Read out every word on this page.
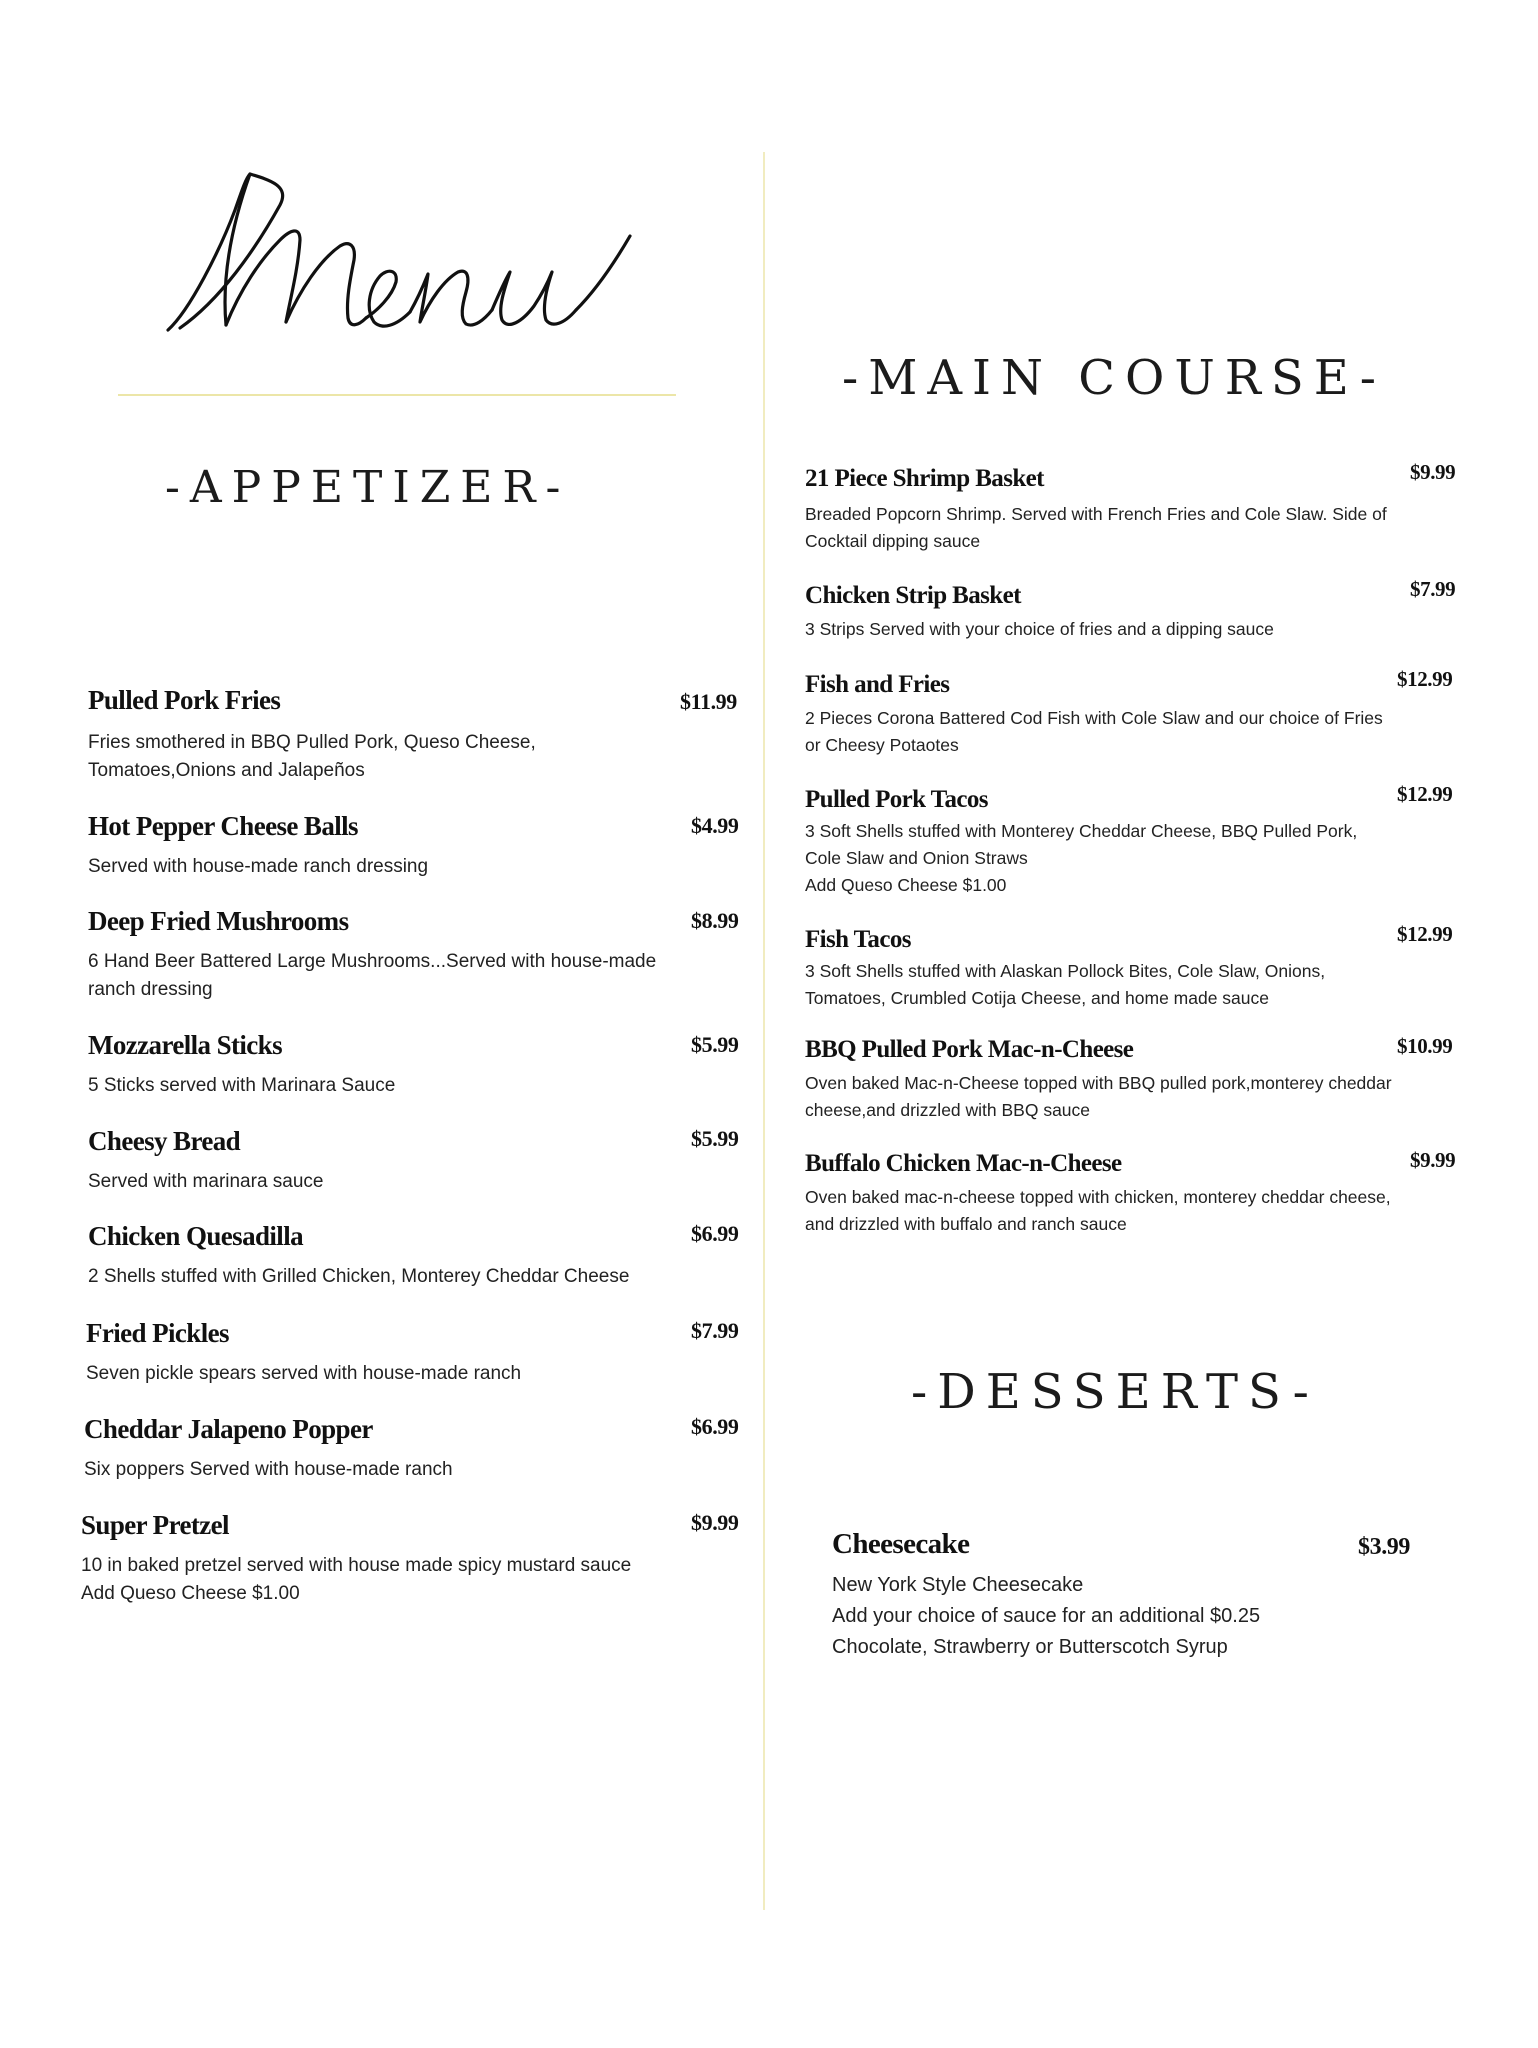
-APPETIZER-
Pulled Pork Fries	$11.99
Fries smothered in BBQ Pulled Pork, Queso Cheese,
Tomatoes,Onions and Jalapeños
Hot Pepper Cheese Balls	$4.99
Served with house-made ranch dressing
Deep Fried Mushrooms	$8.99
6 Hand Beer Battered Large Mushrooms...Served with house-made
ranch dressing
Mozzarella Sticks	$5.99
5 Sticks served with Marinara Sauce
Cheesy Bread	$5.99
Served with marinara sauce
Chicken Quesadilla	$6.99
2 Shells stuffed with Grilled Chicken, Monterey Cheddar Cheese
Fried Pickles	$7.99
Seven pickle spears served with house-made ranch
Cheddar Jalapeno Popper	$6.99
Six poppers Served with house-made ranch
Super Pretzel	$9.99
10 in baked pretzel served with house made spicy mustard sauce
Add Queso Cheese $1.00
-MAIN COURSE-
21 Piece Shrimp Basket	$9.99
Breaded Popcorn Shrimp. Served with French Fries and Cole Slaw. Side of
Cocktail dipping sauce
Chicken Strip Basket	$7.99
3 Strips Served with your choice of fries and a dipping sauce
Fish and Fries	$12.99
2 Pieces Corona Battered Cod Fish with Cole Slaw and our choice of Fries
or Cheesy Potaotes
Pulled Pork Tacos	$12.99
3 Soft Shells stuffed with Monterey Cheddar Cheese, BBQ Pulled Pork,
Cole Slaw and Onion Straws
Add Queso Cheese $1.00
Fish Tacos	$12.99
3 Soft Shells stuffed with Alaskan Pollock Bites, Cole Slaw, Onions,
Tomatoes, Crumbled Cotija Cheese, and home made sauce
BBQ Pulled Pork Mac-n-Cheese	$10.99
Oven baked Mac-n-Cheese topped with BBQ pulled pork,monterey cheddar
cheese,and drizzled with BBQ sauce
Buffalo Chicken Mac-n-Cheese	$9.99
Oven baked mac-n-cheese topped with chicken, monterey cheddar cheese,
and drizzled with buffalo and ranch sauce
-DESSERTS-
Cheesecake	$3.99
New York Style Cheesecake
Add your choice of sauce for an additional $0.25
Chocolate, Strawberry or Butterscotch Syrup
